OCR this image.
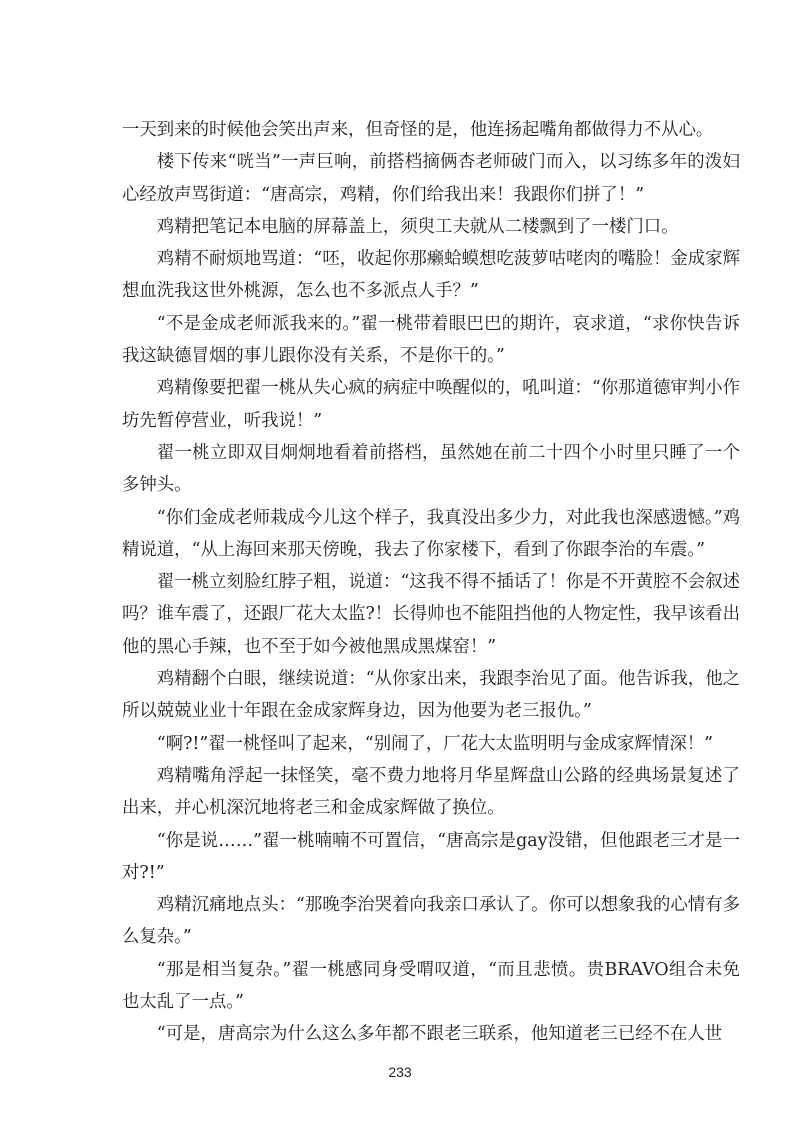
一天到来的时候他会笑出声来，但奇怪的是，他连扬起嘴角都做得力不从心。

楼下传来“咣当”一声巨响，前搭档摘俩杏老师破门而入，以习练多年的泼妇心经放声骂街道：“唐高宗，鸡精，你们给我出来！我跟你们拼了！”

鸡精把笔记本电脑的屏幕盖上，须臾工夫就从二楼飘到了一楼门口。

鸡精不耐烦地骂道：“呸，收起你那癞蛤蟆想吃菠萝咕咾肉的嘴脸！金成家辉想血洗我这世外桃源，怎么也不多派点人手？”

“不是金成老师派我来的。”翟一桃带着眼巴巴的期许，哀求道，“求你快告诉我这缺德冒烟的事儿跟你没有关系，不是你干的。”

鸡精像要把翟一桃从失心疯的病症中唤醒似的，吼叫道：“你那道德审判小作坊先暂停营业，听我说！”

翟一桃立即双目炯炯地看着前搭档，虽然她在前二十四个小时里只睡了一个多钟头。

“你们金成老师栽成今儿这个样子，我真没出多少力，对此我也深感遗憾。”鸡精说道，“从上海回来那天傍晚，我去了你家楼下，看到了你跟李治的车震。”

翟一桃立刻脸红脖子粗，说道：“这我不得不插话了！你是不开黄腔不会叙述吗？谁车震了，还跟厂花大太监?！长得帅也不能阻挡他的人物定性，我早该看出他的黑心手辣，也不至于如今被他黑成黑煤窑！”

鸡精翻个白眼，继续说道：“从你家出来，我跟李治见了面。他告诉我，他之所以兢兢业业十年跟在金成家辉身边，因为他要为老三报仇。”

“啊?!”翟一桃怪叫了起来，“别闹了，厂花大太监明明与金成家辉情深！”

鸡精嘴角浮起一抹怪笑，毫不费力地将月华星辉盘山公路的经典场景复述了出来，并心机深沉地将老三和金成家辉做了换位。

“你是说……”翟一桃喃喃不可置信，“唐高宗是gay没错，但他跟老三才是一对?!”

鸡精沉痛地点头：“那晚李治哭着向我亲口承认了。你可以想象我的心情有多么复杂。”

“那是相当复杂。”翟一桃感同身受喟叹道，“而且悲愤。贵BRAVO组合未免也太乱了一点。”

“可是，唐高宗为什么这么多年都不跟老三联系，他知道老三已经不在人世

233
